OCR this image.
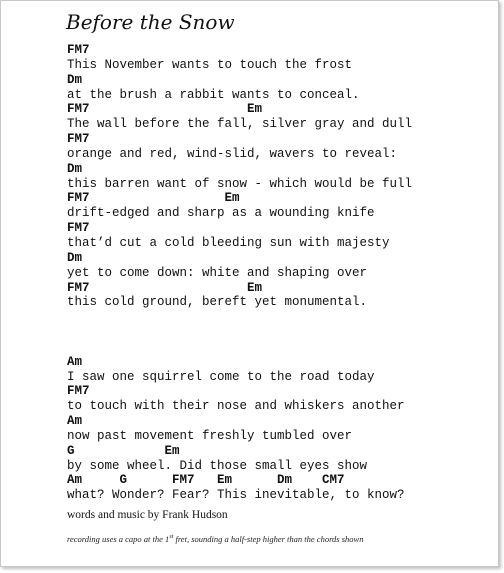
Before the Snow
FM7
This November wants to touch the frost
Dm
at the brush a rabbit wants to conceal.
FM7                     Em
The wall before the fall, silver gray and dull
FM7
orange and red, wind-slid, wavers to reveal:
Dm
this barren want of snow - which would be full
FM7                  Em
drift-edged and sharp as a wounding knife
FM7
that’d cut a cold bleeding sun with majesty
Dm
yet to come down: white and shaping over
FM7                     Em
this cold ground, bereft yet monumental.
Am
I saw one squirrel come to the road today
FM7
to touch with their nose and whiskers another
Am
now past movement freshly tumbled over
G            Em
by some wheel. Did those small eyes show
Am     G      FM7   Em      Dm    CM7
what? Wonder? Fear? This inevitable, to know?
words and music by Frank Hudson
recording uses a capo at the 1st fret, sounding a half-step higher than the chords shown
